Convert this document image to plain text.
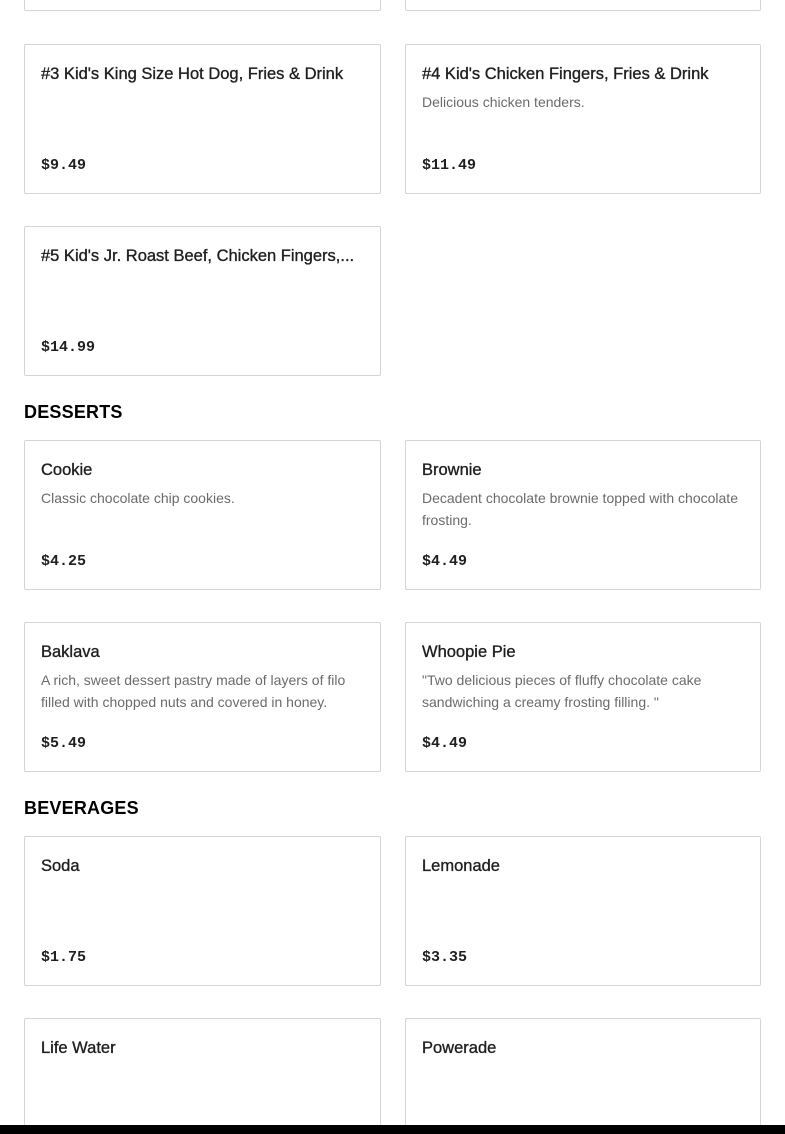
#3 Kid's King Size Hot Dog, Fries & Drink
$9.49
#4 Kid's Chicken Fingers, Fries & Drink
Delicious chicken tenders.
$11.49
#5 Kid's Jr. Roast Beef, Chicken Fingers,...
$14.99
DESSERTS
Cookie
Classic chocolate chip cookies.
$4.25
Brownie
Decadent chocolate brownie topped with chocolate frosting.
$4.49
Baklava
A rich, sweet dessert pastry made of layers of filo filled with chopped nuts and covered in honey.
$5.49
Whoopie Pie
"Two delicious pieces of fluffy chocolate cake sandwiching a creamy frosting filling. "
$4.49
BEVERAGES
Soda
$1.75
Lemonade
$3.35
Life Water	Powerade
